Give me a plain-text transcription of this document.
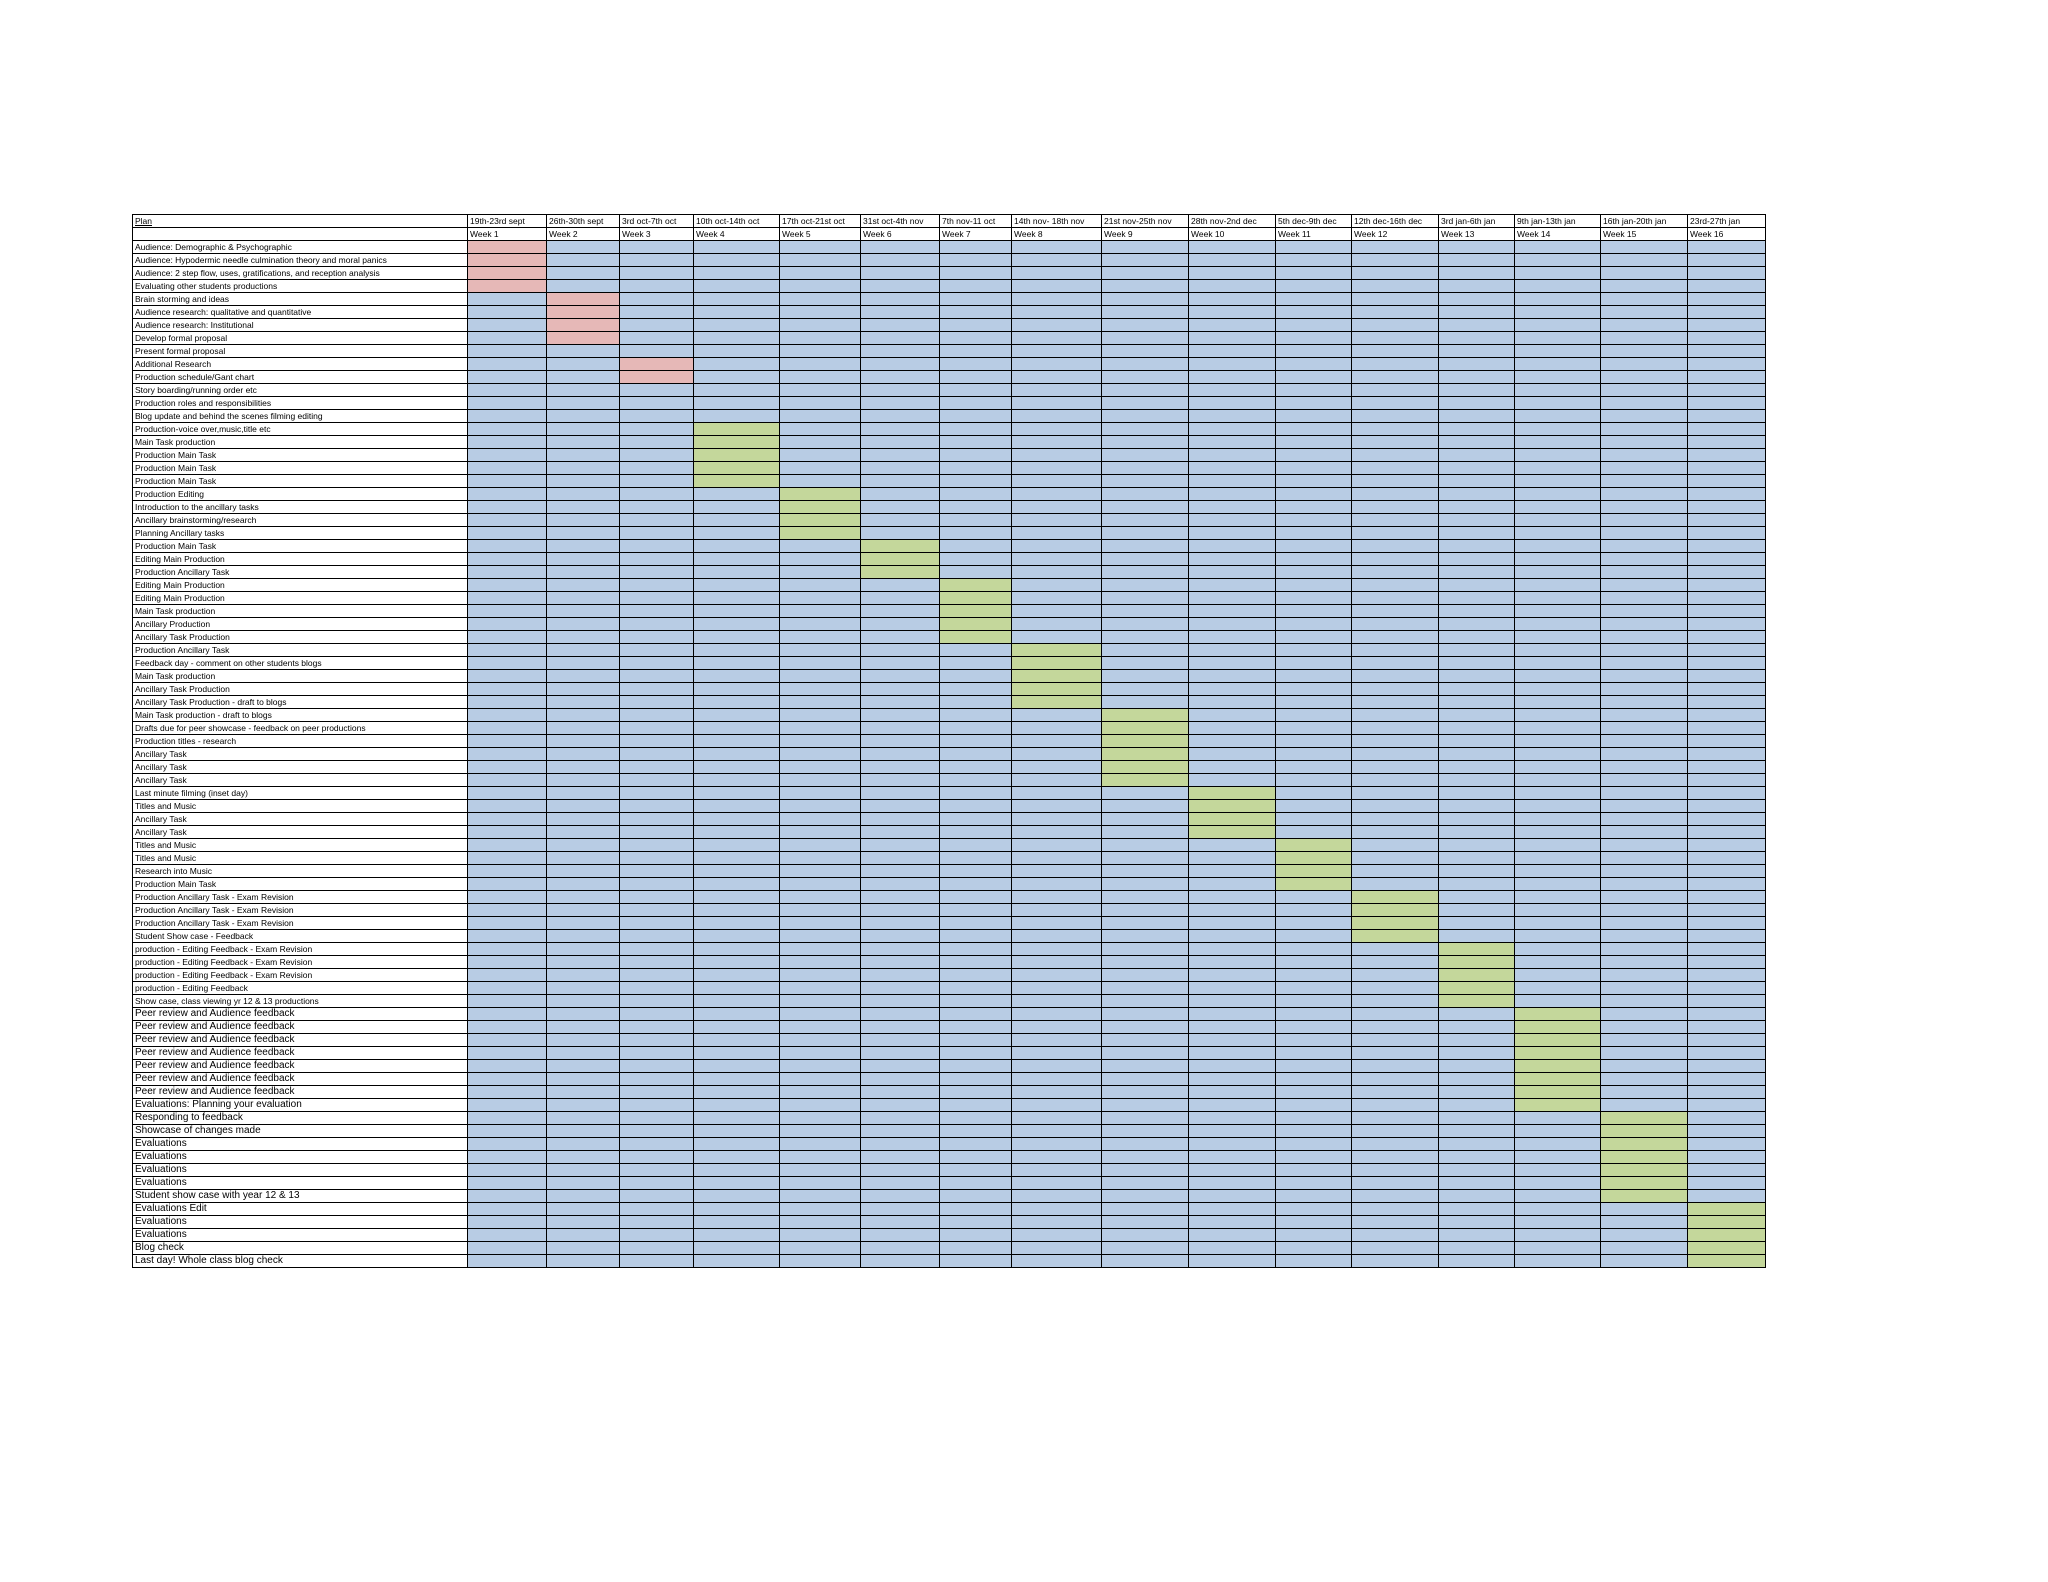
Plan	19th-23rd sept	26th-30th sept	3rd oct-7th oct	10th oct-14th oct	17th oct-21st oct	31st oct-4th nov	7th nov-11 oct	14th nov- 18th nov	21st nov-25th nov	28th nov-2nd dec	5th dec-9th dec	12th dec-16th dec	3rd jan-6th jan	9th jan-13th jan	16th jan-20th jan	23rd-27th jan
	Week 1	Week 2	Week 3	Week 4	Week 5	Week 6	Week 7	Week 8	Week 9	Week 10	Week 11	Week 12	Week 13	Week 14	Week 15	Week 16
Audience: Demographic & Psychographic																
Audience: Hypodermic needle culmination theory and moral panics																
Audience: 2 step flow, uses, gratifications, and reception analysis																
Evaluating other students productions																
Brain storming and ideas																
Audience research: qualitative and quantitative																
Audience research: Institutional																
Develop formal proposal																
Present formal proposal																
Additional Research																
Production schedule/Gant chart																
Story boarding/running order etc																
Production roles and responsibilities																
Blog update and behind the scenes filming editing																
Production-voice over,music,title etc																
Main Task production																
Production Main Task																
Production Main Task																
Production Main Task																
Production Editing																
Introduction to the ancillary tasks																
Ancillary brainstorming/research																
Planning Ancillary tasks																
Production Main Task																
Editing Main Production																
Production Ancillary Task																
Editing Main Production																
Editing Main Production																
Main Task production																
Ancillary Production																
Ancillary Task Production																
Production Ancillary Task																
Feedback day - comment on other students blogs																
Main Task production																
Ancillary Task Production																
Ancillary Task Production - draft to blogs																
Main Task production - draft to blogs																
Drafts due for peer showcase - feedback on peer productions																
Production titles - research																
Ancillary Task																
Ancillary Task																
Ancillary Task																
Last minute filming (inset day)																
Titles and Music																
Ancillary Task																
Ancillary Task																
Titles and Music																
Titles and Music																
Research into Music																
Production Main Task																
Production Ancillary Task - Exam Revision																
Production Ancillary Task - Exam Revision																
Production Ancillary Task - Exam Revision																
Student Show case - Feedback																
production - Editing Feedback - Exam Revision																
production - Editing Feedback - Exam Revision																
production - Editing Feedback - Exam Revision																
production - Editing Feedback																
Show case, class viewing yr 12 & 13 productions																
Peer review and Audience feedback																
Peer review and Audience feedback																
Peer review and Audience feedback																
Peer review and Audience feedback																
Peer review and Audience feedback																
Peer review and Audience feedback																
Peer review and Audience feedback																
Evaluations: Planning your evaluation																
Responding to feedback																
Showcase of changes made																
Evaluations																
Evaluations																
Evaluations																
Evaluations																
Student show case with year 12 & 13																
Evaluations Edit																
Evaluations																
Evaluations																
Blog check																
Last day! Whole class blog check																
